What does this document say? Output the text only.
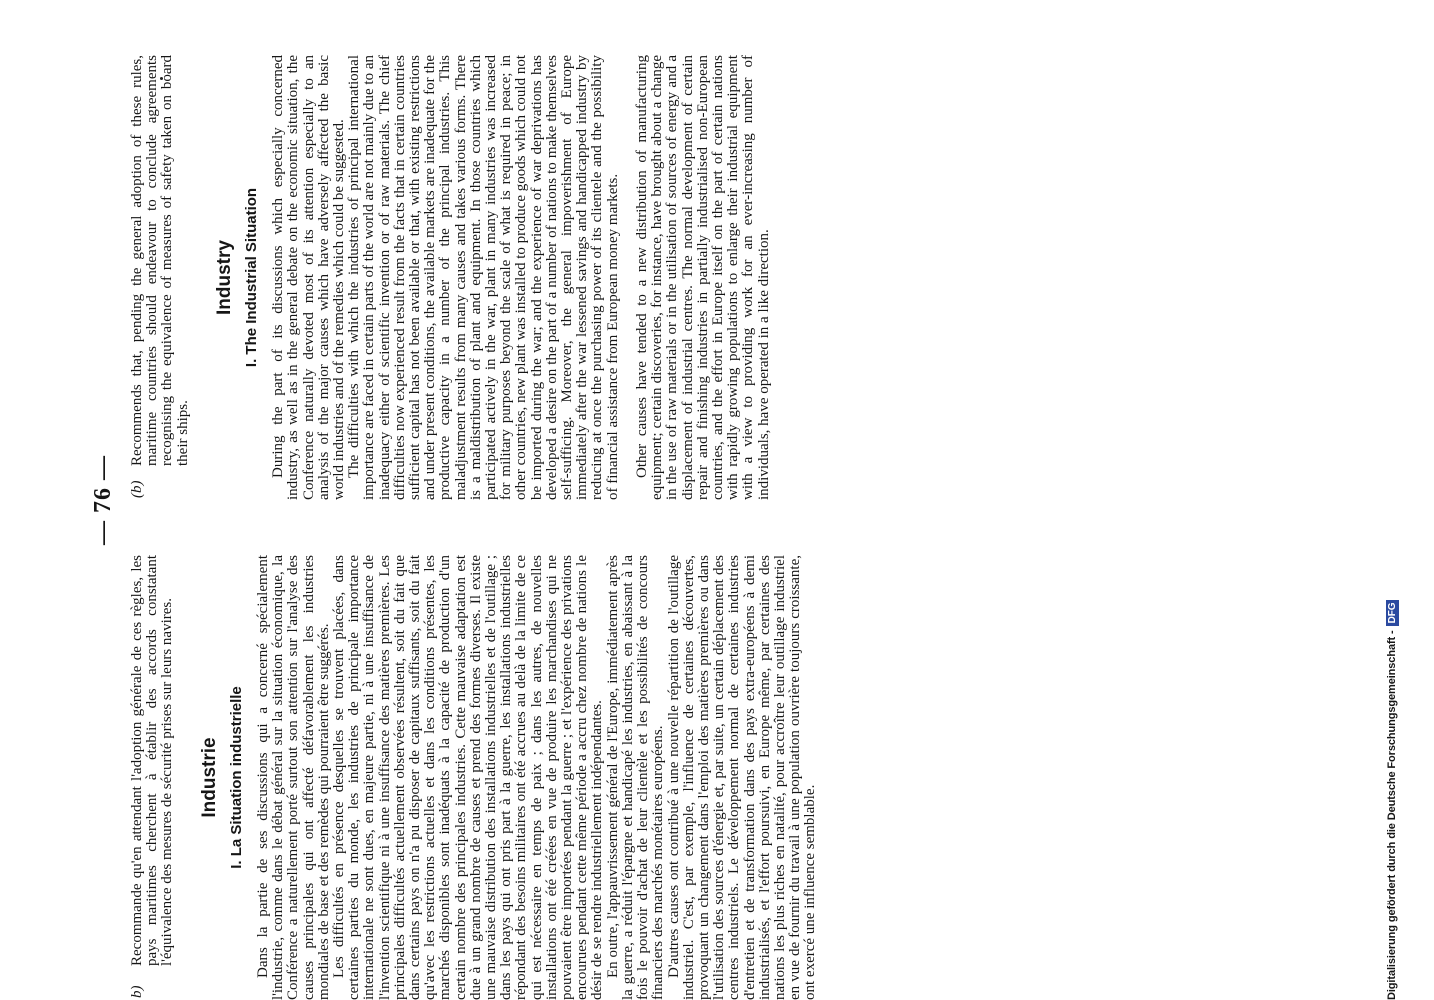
— 76 —
b)
Recommande qu'en attendant l'adoption générale de ces règles, les pays maritimes cherchent à établir des accords constatant l'équivalence des mesures de sécurité prises sur leurs navires. Industrie I. La Situation industrielle Dans la partie de ses discussions qui a concerné spécialement l'industrie, comme dans le débat général sur la situation économique, la Conférence a naturellement porté surtout son attention sur l'analyse des causes principales qui ont affecté défavorablement les industries mondiales de base et des remèdes qui pourraient être suggérés. Les difficultés en présence desquelles se trouvent placées, dans certaines parties du monde, les industries de principale importance internationale ne sont dues, en majeure partie, ni à une insuffisance de l'invention scientifique ni à une insuffisance des matières premières. Les principales difficultés actuellement observées résultent, soit du fait que dans certains pays on n'a pu disposer de capitaux suffisants, soit du fait qu'avec les restrictions actuelles et dans les conditions présentes, les marchés disponibles sont inadéquats à la capacité de production d'un certain nombre des principales industries. Cette mauvaise adaptation est due à un grand nombre de causes et prend des formes diverses. Il existe une mauvaise distribution des installations industrielles et de l'outillage ; dans les pays qui ont pris part à la guerre, les installations industrielles répondant des besoins militaires ont été accrues au delà de la limite de ce qui est nécessaire en temps de paix ; dans les autres, de nouvelles installations ont été créées en vue de produire les marchandises qui ne pouvaient être importées pendant la guerre ; et l'expérience des privations encourues pendant cette même période a accru chez nombre de nations le désir de se rendre industriellement indépendantes. En outre, l'appauvrissement général de l'Europe, immédiatement après la guerre, a réduit l'épargne et handicapé les industries, en abaissant à la fois le pouvoir d'achat de leur clientèle et les possibilités de concours financiers des marchés monétaires européens. D'autres causes ont contribué à une nouvelle répartition de l'outillage industriel. C'est, par exemple, l'influence de certaines découvertes, provoquant un changement dans l'emploi des matières premières ou dans l'utilisation des sources d'énergie et, par suite, un certain déplacement des centres industriels. Le développement normal de certaines industries d'entretien et de transformation dans des pays extra-européens à demi industrialisés, et l'effort poursuivi, en Europe même, par certaines des nations les plus riches en natalité, pour accroître leur outillage industriel en vue de fournir du travail à une population ouvrière toujours croissante, ont exercé une influence semblable.

(b)
Recommends that, pending the general adoption of these rules, maritime countries should endeavour to conclude agreements recognising the equivalence of measures of safety taken on board their ships.
Industry I. The Industrial Situation During the part of its discussions which especially concerned industry, as well as in the general debate on the economic situation, the Conference naturally devoted most of its attention especially to an analysis of the major causes which have adversely affected the basic world industries and of the remedies which could be suggested. The difficulties with which the industries of principal international importance are faced in certain parts of the world are not mainly due to an inadequacy either of scientific invention or of raw materials. The chief difficulties now experienced result from the facts that in certain countries sufficient capital has not been available or that, with existing restrictions and under present conditions, the available markets are inadequate for the productive capacity in a number of the principal industries. This maladjustment results from many causes and takes various forms. There is a maldistribution of plant and equipment. In those countries which participated actively in the war, plant in many industries was increased for military purposes beyond the scale of what is required in peace; in other countries, new plant was installed to produce goods which could not be imported during the war; and the experience of war deprivations has developed a desire on the part of a number of nations to make themselves self-sufficing. Moreover, the general impoverishment of Europe immediately after the war lessened savings and handicapped industry by reducing at once the purchasing power of its clientele and the possibility of financial assistance from European money markets. Other causes have tended to a new distribution of manufacturing equipment; certain discoveries, for instance, have brought about a change in the use of raw materials or in the utilisation of sources of energy and a displacement of industrial centres. The normal development of certain repair and finishing industries in partially industrialised non-European countries, and the effort in Europe itself on the part of certain nations with rapidly growing populations to enlarge their industrial equipment with a view to providing work for an ever-increasing number of individuals, have operated in a like direction.

Digitalisierung gefördert durch die Deutsche Forschungsgemeinschaft -DFG
